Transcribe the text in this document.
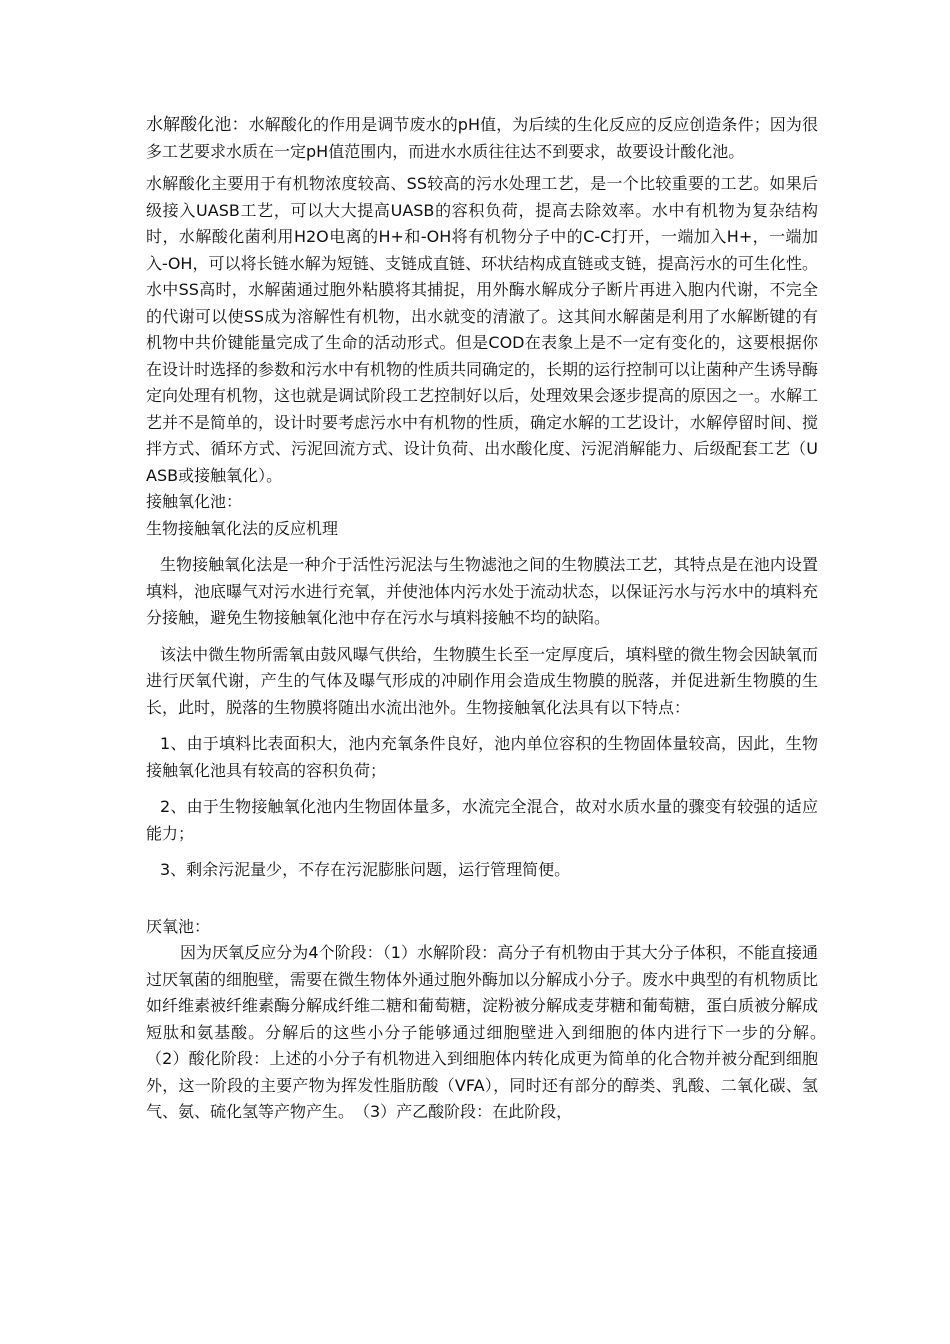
水解酸化池：水解酸化的作用是调节废水的pH值，为后续的生化反应的反应创造条件；因为很多工艺要求水质在一定pH值范围内，而进水水质往往达不到要求，故要设计酸化池。

水解酸化主要用于有机物浓度较高、SS较高的污水处理工艺，是一个比较重要的工艺。如果后级接入UASB工艺，可以大大提高UASB的容积负荷，提高去除效率。水中有机物为复杂结构时，水解酸化菌利用H2O电离的H+和-OH将有机物分子中的C-C打开，一端加入H+，一端加入-OH，可以将长链水解为短链、支链成直链、环状结构成直链或支链，提高污水的可生化性。水中SS高时，水解菌通过胞外粘膜将其捕捉，用外酶水解成分子断片再进入胞内代谢，不完全的代谢可以使SS成为溶解性有机物，出水就变的清澈了。这其间水解菌是利用了水解断键的有机物中共价键能量完成了生命的活动形式。但是COD在表象上是不一定有变化的，这要根据你在设计时选择的参数和污水中有机物的性质共同确定的，长期的运行控制可以让菌种产生诱导酶定向处理有机物，这也就是调试阶段工艺控制好以后，处理效果会逐步提高的原因之一。水解工艺并不是简单的，设计时要考虑污水中有机物的性质，确定水解的工艺设计，水解停留时间、搅拌方式、循环方式、污泥回流方式、设计负荷、出水酸化度、污泥消解能力、后级配套工艺（UASB或接触氧化）。

接触氧化池：

生物接触氧化法的反应机理

生物接触氧化法是一种介于活性污泥法与生物滤池之间的生物膜法工艺，其特点是在池内设置填料，池底曝气对污水进行充氧，并使池体内污水处于流动状态，以保证污水与污水中的填料充分接触，避免生物接触氧化池中存在污水与填料接触不均的缺陷。

该法中微生物所需氧由鼓风曝气供给，生物膜生长至一定厚度后，填料壁的微生物会因缺氧而进行厌氧代谢，产生的气体及曝气形成的冲刷作用会造成生物膜的脱落，并促进新生物膜的生长，此时，脱落的生物膜将随出水流出池外。生物接触氧化法具有以下特点：

1、由于填料比表面积大，池内充氧条件良好，池内单位容积的生物固体量较高，因此，生物接触氧化池具有较高的容积负荷；

2、由于生物接触氧化池内生物固体量多，水流完全混合，故对水质水量的骤变有较强的适应能力；

3、剩余污泥量少，不存在污泥膨胀问题，运行管理简便。

厌氧池：

因为厌氧反应分为4个阶段：（1）水解阶段：高分子有机物由于其大分子体积，不能直接通过厌氧菌的细胞壁，需要在微生物体外通过胞外酶加以分解成小分子。废水中典型的有机物质比如纤维素被纤维素酶分解成纤维二糖和葡萄糖，淀粉被分解成麦芽糖和葡萄糖，蛋白质被分解成短肽和氨基酸。分解后的这些小分子能够通过细胞壁进入到细胞的体内进行下一步的分解。　（2）酸化阶段：上述的小分子有机物进入到细胞体内转化成更为简单的化合物并被分配到细胞外，这一阶段的主要产物为挥发性脂肪酸（VFA），同时还有部分的醇类、乳酸、二氧化碳、氢气、氨、硫化氢等产物产生。　（3）产乙酸阶段：在此阶段，
